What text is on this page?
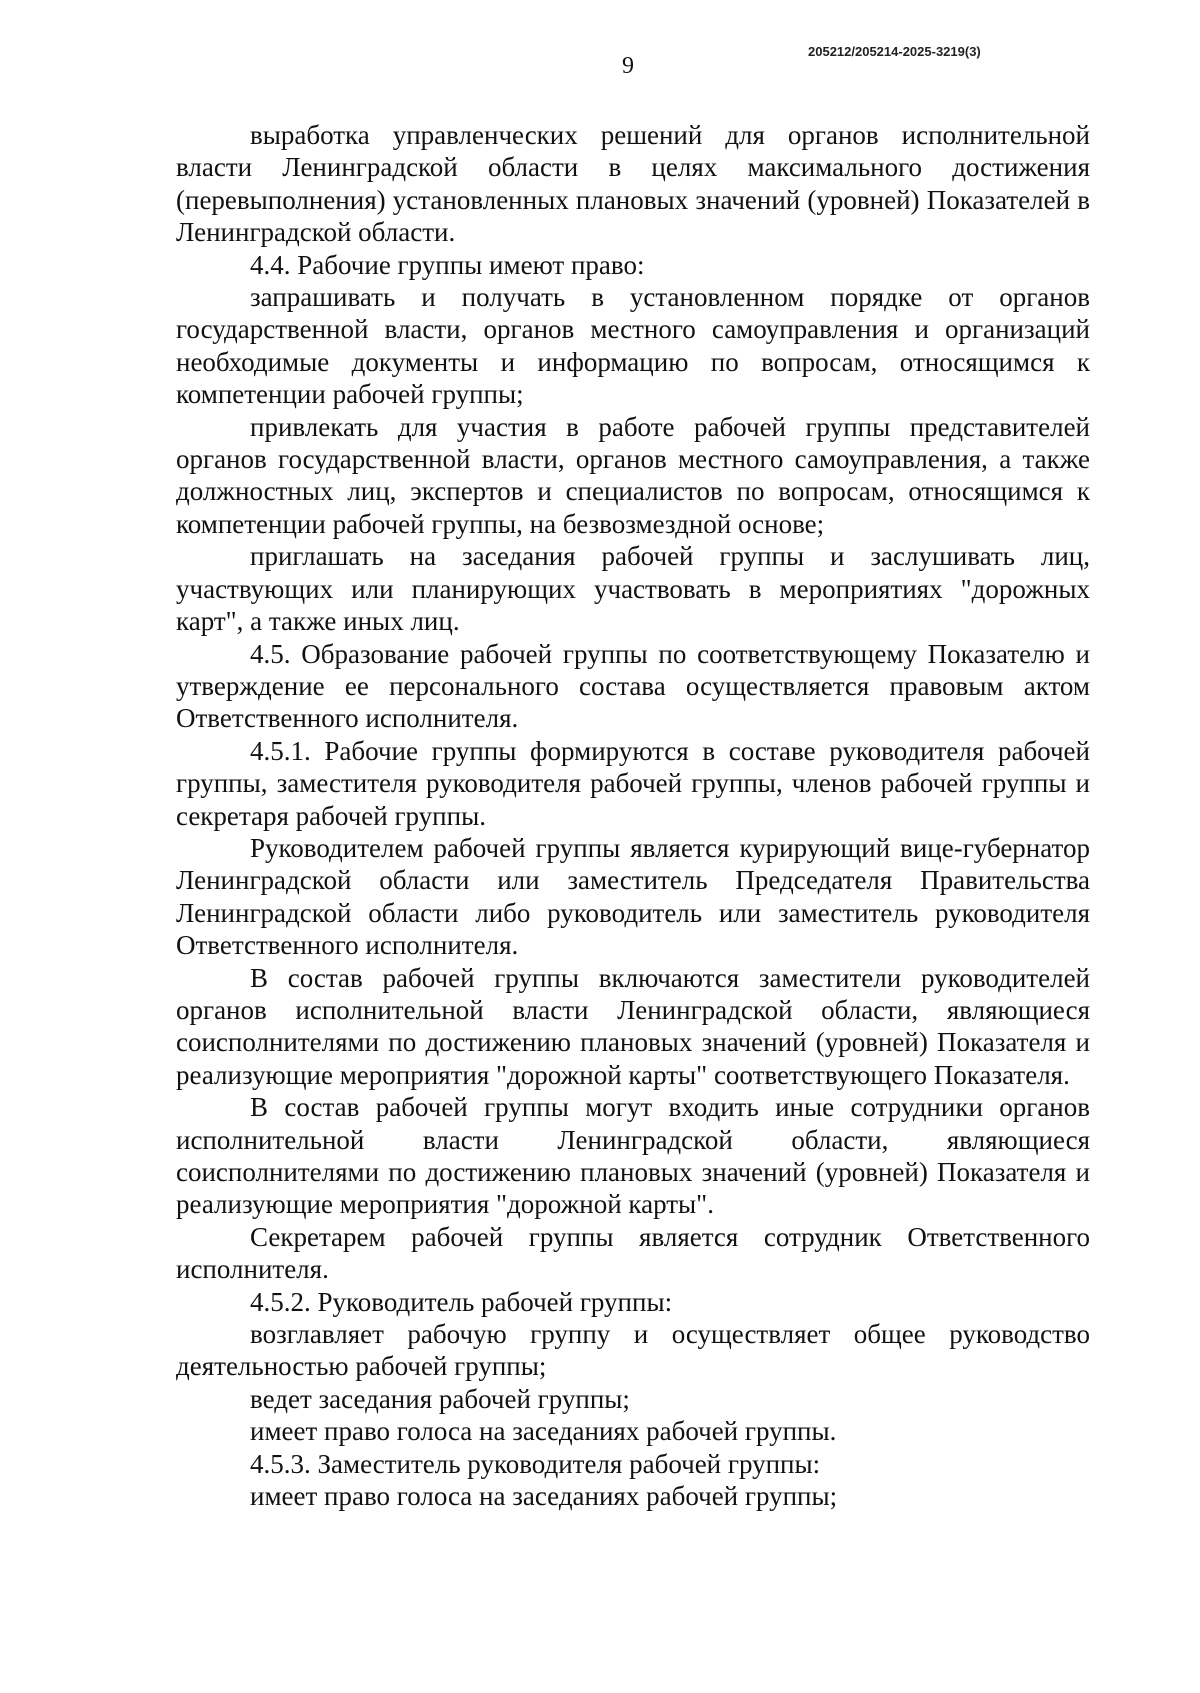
9
205212/205214-2025-3219(3)

выработка управленческих решений для органов исполнительной власти Ленинградской области в целях максимального достижения (перевыполнения) установленных плановых значений (уровней) Показателей в Ленинградской области.

4.4. Рабочие группы имеют право:

запрашивать и получать в установленном порядке от органов государственной власти, органов местного самоуправления и организаций необходимые документы и информацию по вопросам, относящимся к компетенции рабочей группы;

привлекать для участия в работе рабочей группы представителей органов государственной власти, органов местного самоуправления, а также должностных лиц, экспертов и специалистов по вопросам, относящимся к компетенции рабочей группы, на безвозмездной основе;

приглашать на заседания рабочей группы и заслушивать лиц, участвующих или планирующих участвовать в мероприятиях "дорожных карт", а также иных лиц.

4.5. Образование рабочей группы по соответствующему Показателю и утверждение ее персонального состава осуществляется правовым актом Ответственного исполнителя.

4.5.1. Рабочие группы формируются в составе руководителя рабочей группы, заместителя руководителя рабочей группы, членов рабочей группы и секретаря рабочей группы.

Руководителем рабочей группы является курирующий вице-губернатор Ленинградской области или заместитель Председателя Правительства Ленинградской области либо руководитель или заместитель руководителя Ответственного исполнителя.

В состав рабочей группы включаются заместители руководителей органов исполнительной власти Ленинградской области, являющиеся соисполнителями по достижению плановых значений (уровней) Показателя и реализующие мероприятия "дорожной карты" соответствующего Показателя.

В состав рабочей группы могут входить иные сотрудники органов исполнительной власти Ленинградской области, являющиеся соисполнителями по достижению плановых значений (уровней) Показателя и реализующие мероприятия "дорожной карты".

Секретарем рабочей группы является сотрудник Ответственного исполнителя.

4.5.2. Руководитель рабочей группы:

возглавляет рабочую группу и осуществляет общее руководство деятельностью рабочей группы;

ведет заседания рабочей группы;

имеет право голоса на заседаниях рабочей группы.

4.5.3. Заместитель руководителя рабочей группы:

имеет право голоса на заседаниях рабочей группы;
